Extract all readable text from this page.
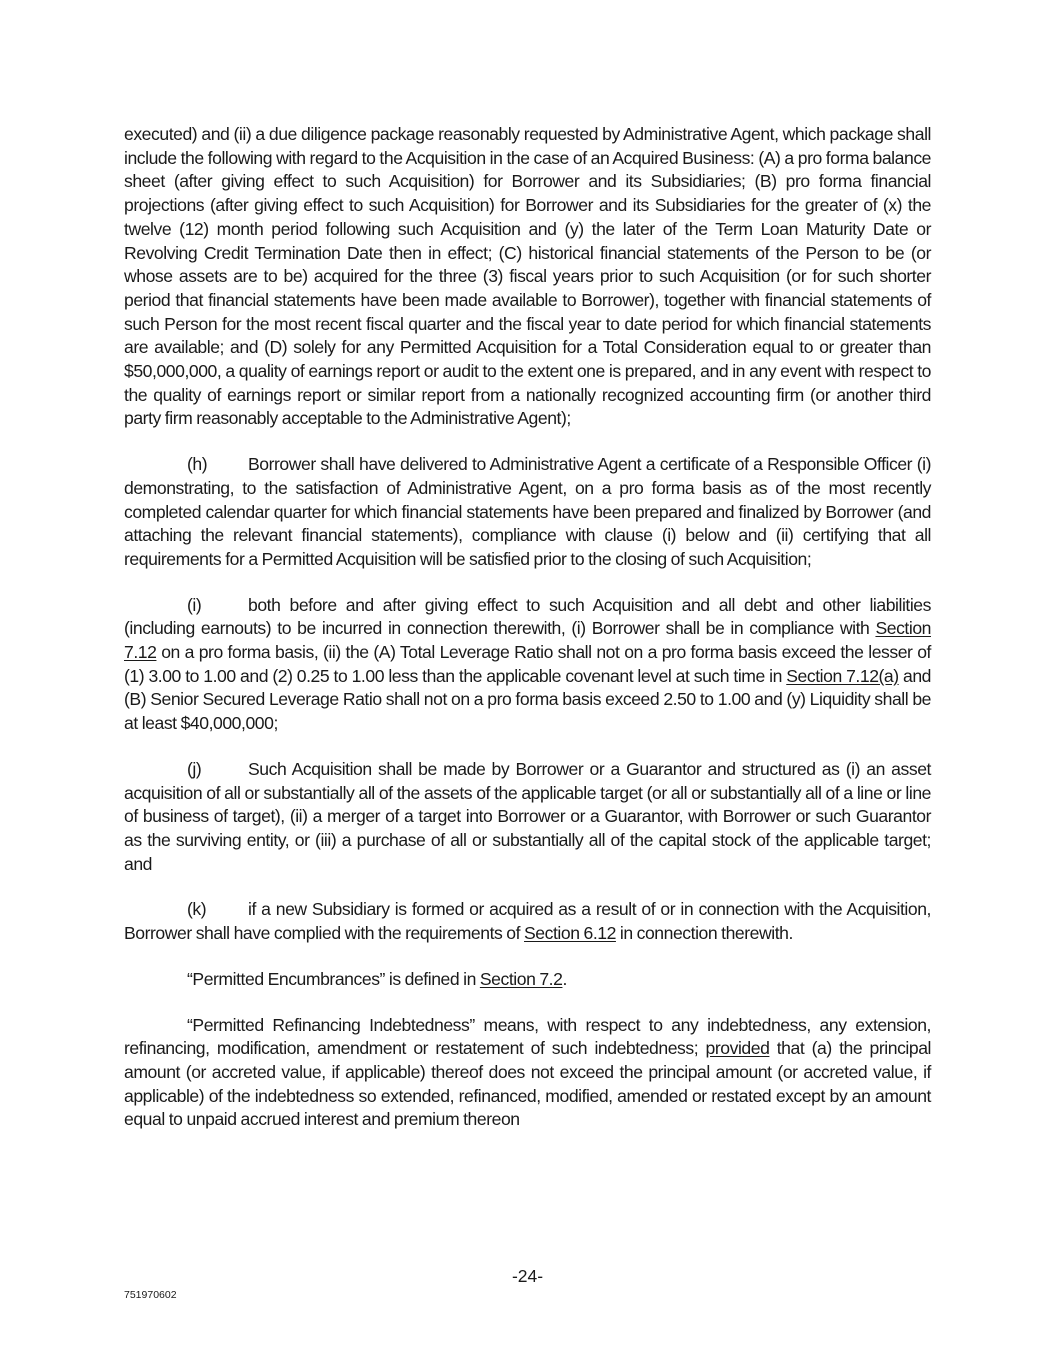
executed) and (ii) a due diligence package reasonably requested by Administrative Agent, which package shall include the following with regard to the Acquisition in the case of an Acquired Business: (A) a pro forma balance sheet (after giving effect to such Acquisition) for Borrower and its Subsidiaries; (B) pro forma financial projections (after giving effect to such Acquisition) for Borrower and its Subsidiaries for the greater of (x) the twelve (12) month period following such Acquisition and (y) the later of the Term Loan Maturity Date or Revolving Credit Termination Date then in effect; (C) historical financial statements of the Person to be (or whose assets are to be) acquired for the three (3) fiscal years prior to such Acquisition (or for such shorter period that financial statements have been made available to Borrower), together with financial statements of such Person for the most recent fiscal quarter and the fiscal year to date period for which financial statements are available; and (D) solely for any Permitted Acquisition for a Total Consideration equal to or greater than $50,000,000, a quality of earnings report or audit to the extent one is prepared, and in any event with respect to the quality of earnings report or similar report from a nationally recognized accounting firm (or another third party firm reasonably acceptable to the Administrative Agent);

(h) Borrower shall have delivered to Administrative Agent a certificate of a Responsible Officer (i) demonstrating, to the satisfaction of Administrative Agent, on a pro forma basis as of the most recently completed calendar quarter for which financial statements have been prepared and finalized by Borrower (and attaching the relevant financial statements), compliance with clause (i) below and (ii) certifying that all requirements for a Permitted Acquisition will be satisfied prior to the closing of such Acquisition;

(i)	both before and after giving effect to such Acquisition and all debt and other liabilities (including earnouts) to be incurred in connection therewith, (i) Borrower shall be in compliance with Section 7.12 on a pro forma basis, (ii) the (A) Total Leverage Ratio shall not on a pro forma basis exceed the lesser of (1) 3.00 to 1.00 and (2) 0.25 to 1.00 less than the applicable covenant level at such time in Section 7.12(a) and (B) Senior Secured Leverage Ratio shall not on a pro forma basis exceed 2.50 to 1.00 and (y) Liquidity shall be at least $40,000,000;

(j)	Such Acquisition shall be made by Borrower or a Guarantor and structured as (i) an asset acquisition of all or substantially all of the assets of the applicable target (or all or substantially all of a line or line of business of target), (ii) a merger of a target into Borrower or a Guarantor, with Borrower or such Guarantor as the surviving entity, or (iii) a purchase of all or substantially all of the capital stock of the applicable target; and

(k) if a new Subsidiary is formed or acquired as a result of or in connection with the Acquisition, Borrower shall have complied with the requirements of Section 6.12 in connection therewith.

“Permitted Encumbrances” is defined in Section 7.2.

“Permitted Refinancing Indebtedness” means, with respect to any indebtedness, any extension, refinancing, modification, amendment or restatement of such indebtedness; provided that (a) the principal amount (or accreted value, if applicable) thereof does not exceed the principal amount (or accreted value, if applicable) of the indebtedness so extended, refinanced, modified, amended or restated except by an amount equal to unpaid accrued interest and premium thereon

-24-
751970602
